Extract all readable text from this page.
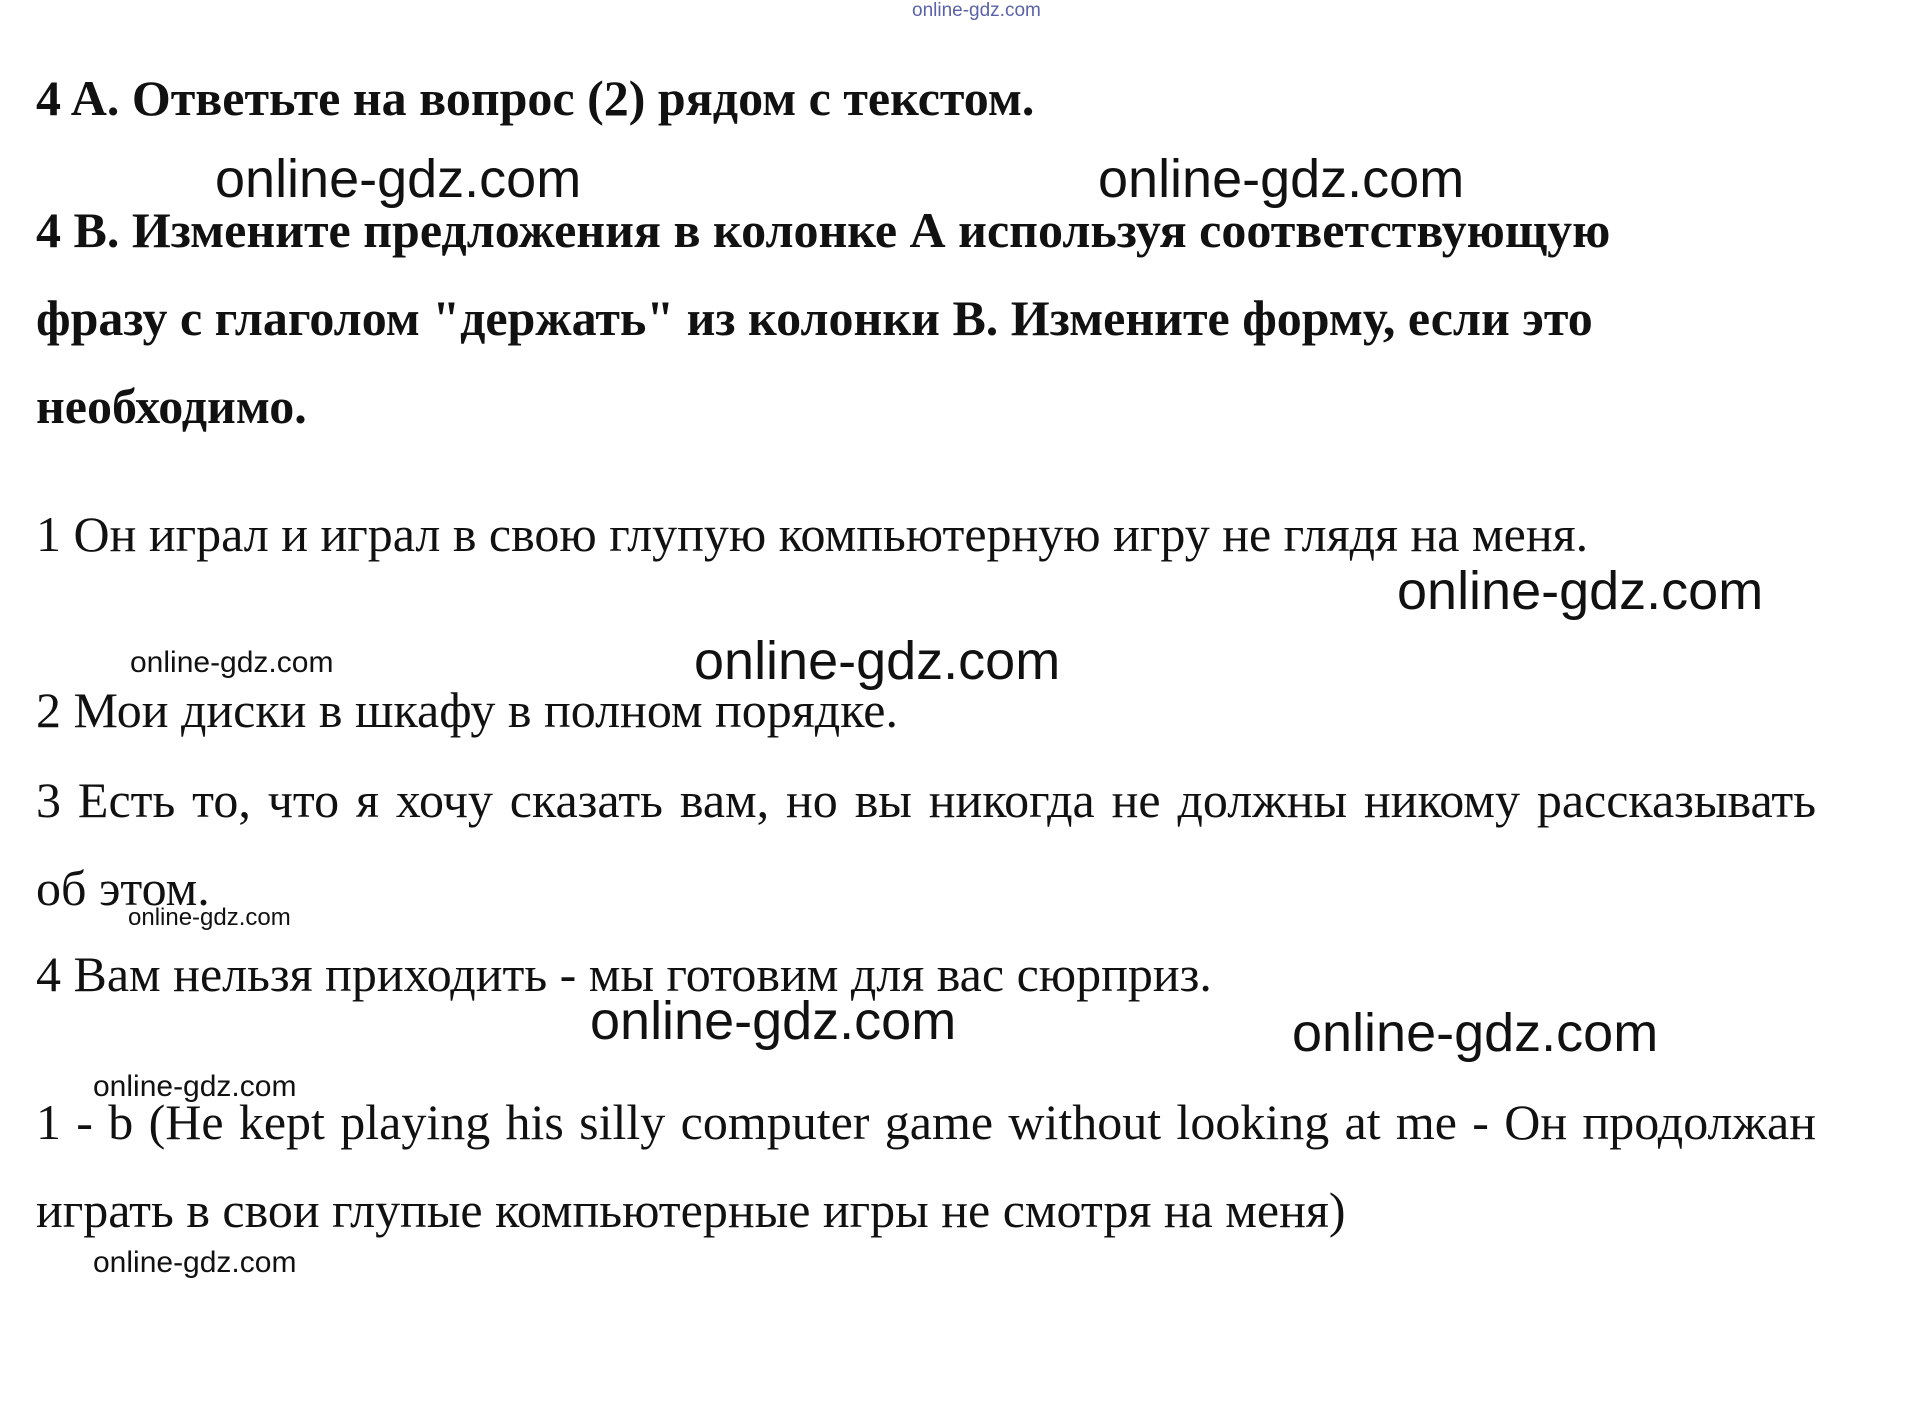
online-gdz.com
4 A. Ответьте на вопрос (2) рядом с текстом.

4 B. Измените предложения в колонке А используя соответствующую фразу с глаголом "держать" из колонки В. Измените форму, если это необходимо.

1 Он играл и играл в свою глупую компьютерную игру не глядя на меня.

2 Мои диски в шкафу в полном порядке.

3 Есть то, что я хочу сказать вам, но вы никогда не должны никому рассказывать об этом.

4 Вам нельзя приходить - мы готовим для вас сюрприз.

1 - b (He kept playing his silly computer game without looking at me - Он продолжан играть в свои глупые компьютерные игры не смотря на меня)

online-gdz.com	online-gdz.com
online-gdz.com
online-gdz.com	online-gdz.com
online-gdz.com
online-gdz.com	online-gdz.com
online-gdz.com
online-gdz.com
